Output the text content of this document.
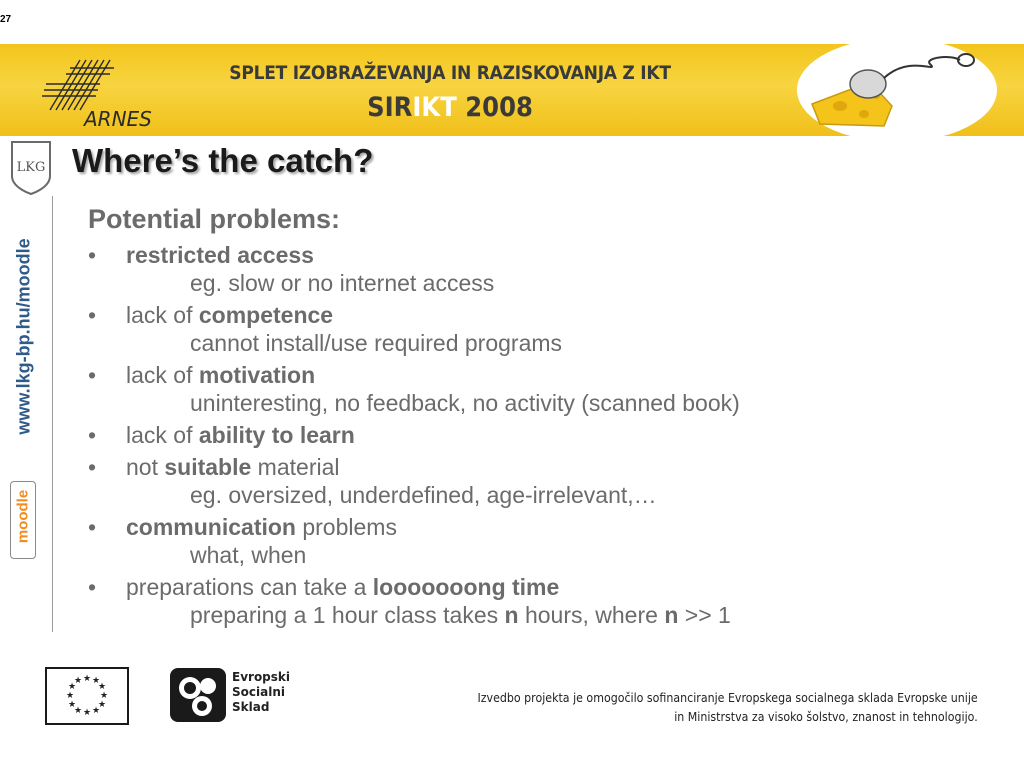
27
ARNES
SPLET IZOBRAŽEVANJA IN RAZISKOVANJA Z IKT
SIRIKT 2008
LKG Where’s the catch?
www.lkg-bp.hu/moodle
moodle
Potential problems:
• restricted access
eg. slow or no internet access
• lack of competence
cannot install/use required programs
• lack of motivation
uninteresting, no feedback, no activity (scanned book)
• lack of ability to learn
• not suitable material
eg. oversized, underdefined, age-irrelevant,…
• communication problems
what, when
• preparations can take a looooooong time
preparing a 1 hour class takes n hours, where n >> 1
★ ★
★
★
★
★
★
★
★
★
★
★	Evropski
Socialni
Sklad
Izvedbo projekta je omogočilo sofinanciranje Evropskega socialnega sklada Evropske unije
in Ministrstva za visoko šolstvo, znanost in tehnologijo.
